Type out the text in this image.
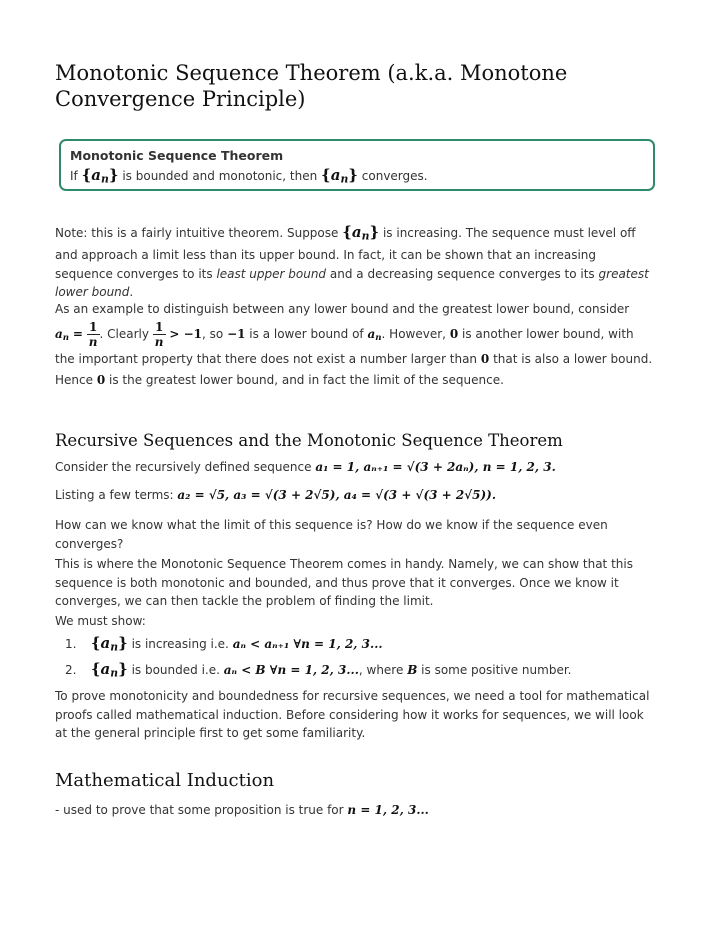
Monotonic Sequence Theorem (a.k.a. Monotone Convergence Principle)
Monotonic Sequence Theorem
If $\{a_n\}$ is bounded and monotonic, then $\{a_n\}$ converges.

Note: this is a fairly intuitive theorem. Suppose $\{a_n\}$ is increasing. The sequence must level off and approach a limit less than its upper bound. In fact, it can be shown that an increasing sequence converges to its least upper bound and a decreasing sequence converges to its greatest lower bound.

As an example to distinguish between any lower bound and the greatest lower bound, consider
$a_n = \frac{1}{n}$ . Clearly $\frac{1}{n} > -1$, so −1 is a lower bound of $a_n$. However, 0 is another lower bound, with the important property that there does not exist a number larger than 0 that is also a lower bound. Hence 0 is the greatest lower bound, and in fact the limit of the sequence.

Recursive Sequences and the Monotonic Sequence Theorem

Consider the recursively defined sequence a₁ = 1, aₙ₊₁ = √(3 + 2aₙ), n = 1, 2, 3.

Listing a few terms: a₂ = √5, a₃ = √(3 + 2√5), a₄ = √(3 + √(3 + 2√5)).

How can we know what the limit of this sequence is? How do we know if the sequence even converges?

This is where the Monotonic Sequence Theorem comes in handy. Namely, we can show that this sequence is both monotonic and bounded, and thus prove that it converges. Once we know it converges, we can then tackle the problem of finding the limit.

We must show:

1. $\{a_n\}$ is increasing i.e. aₙ < aₙ₊₁ ∀n = 1, 2, 3...
2. $\{a_n\}$ is bounded i.e. aₙ < B ∀n = 1, 2, 3..., where B is some positive number.

To prove monotonicity and boundedness for recursive sequences, we need a tool for mathematical proofs called mathematical induction. Before considering how it works for sequences, we will look at the general principle first to get some familiarity.

Mathematical Induction

- used to prove that some proposition is true for n = 1, 2, 3...
